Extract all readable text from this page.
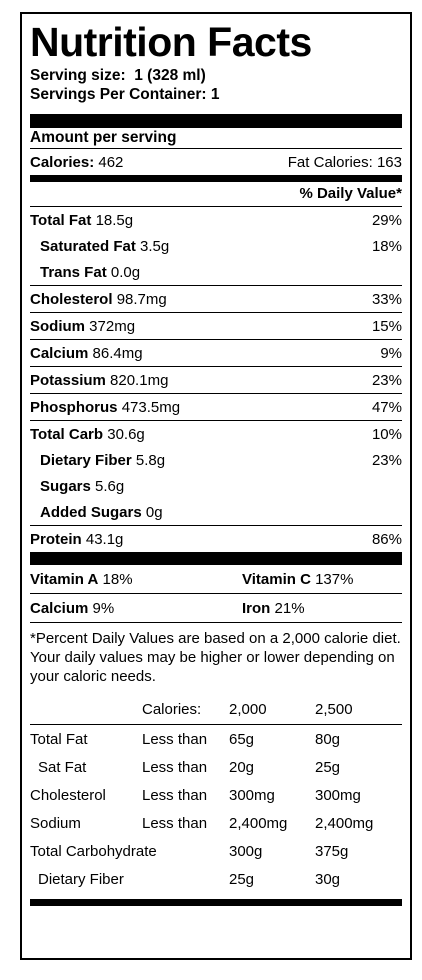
Nutrition Facts
Serving size: 1 (328 ml)
Servings Per Container: 1
Amount per serving
Calories: 462	Fat Calories: 163
% Daily Value*
Total Fat 18.5g	29%
Saturated Fat 3.5g	18%
Trans Fat 0.0g
Cholesterol 98.7mg	33%
Sodium 372mg	15%
Calcium 86.4mg	9%
Potassium 820.1mg	23%
Phosphorus 473.5mg	47%
Total Carb 30.6g	10%
Dietary Fiber 5.8g	23%
Sugars 5.6g
Added Sugars 0g
Protein 43.1g	86%
Vitamin A 18%	Vitamin C 137%
Calcium 9%	Iron 21%
*Percent Daily Values are based on a 2,000 calorie diet. Your daily values may be higher or lower depending on your caloric needs.
	Calories:	2,000	2,500
Total Fat	Less than	65g	80g
Sat Fat	Less than	20g	25g
Cholesterol	Less than	300mg	300mg
Sodium	Less than	2,400mg	2,400mg
Total Carbohydrate		300g	375g
Dietary Fiber		25g	30g
